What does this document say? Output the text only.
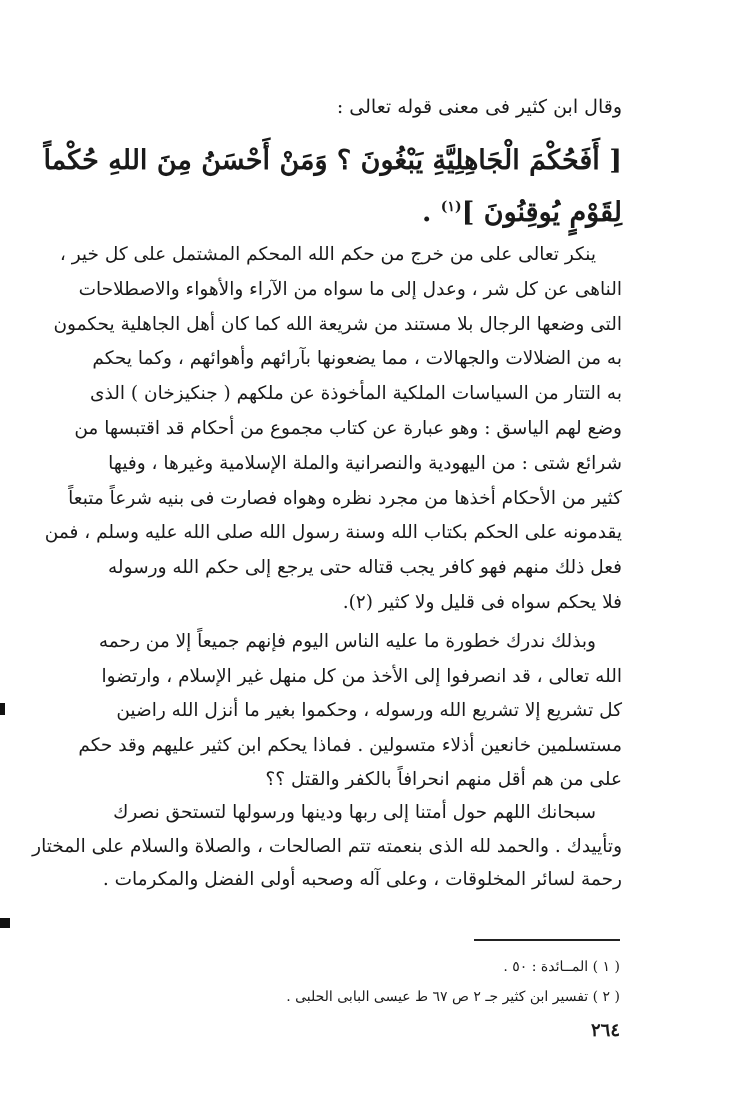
وقال ابن كثير فى معنى قوله تعالى :
[ أَفَحُكْمَ الْجَاهِلِيَّةِ يَبْغُونَ ؟ وَمَنْ أَحْسَنُ مِنَ اللهِ حُكْماً
لِقَوْمٍ يُوقِنُونَ ]$^{(١)}$ .
ينكر تعالى على من خرج من حكم الله المحكم المشتمل على كل خير ،
الناهى عن كل شر ، وعدل إلى ما سواه من الآراء والأهواء والاصطلاحات
التى وضعها الرجال بلا مستند من شريعة الله كما كان أهل الجاهلية يحكمون
به من الضلالات والجهالات ، مما يضعونها بآرائهم وأهوائهم ، وكما يحكم
به التتار من السياسات الملكية المأخوذة عن ملكهم ( جنكيزخان ) الذى
وضع لهم الياسق : وهو عبارة عن كتاب مجموع من أحكام قد اقتبسها من
شرائع شتى : من اليهودية والنصرانية والملة الإسلامية وغيرها ، وفيها
كثير من الأحكام أخذها من مجرد نظره وهواه فصارت فى بنيه شرعاً متبعاً
يقدمونه على الحكم بكتاب الله وسنة رسول الله صلى الله عليه وسلم ، فمن
فعل ذلك منهم فهو كافر يجب قتاله حتى يرجع إلى حكم الله ورسوله
فلا يحكم سواه فى قليل ولا كثير (٢).
وبذلك ندرك خطورة ما عليه الناس اليوم فإنهم جميعاً إلا من رحمه
الله تعالى ، قد انصرفوا إلى الأخذ من كل منهل غير الإسلام ، وارتضوا
كل تشريع إلا تشريع الله ورسوله ، وحكموا بغير ما أنزل الله راضين
مستسلمين خانعين أذلاء متسولين . فماذا يحكم ابن كثير عليهم وقد حكم
على من هم أقل منهم انحرافاً بالكفر والقتل ؟؟
سبحانك اللهم حول أمتنا إلى ربها ودينها ورسولها لتستحق نصرك
وتأييدك . والحمد لله الذى بنعمته تتم الصالحات ، والصلاة والسلام على المختار
رحمة لسائر المخلوقات ، وعلى آله وصحبه أولى الفضل والمكرمات .
( ١ ) المــائدة : ٥٠ .
( ٢ ) تفسير ابن كثير جـ ٢ ص ٦٧ ط عيسى البابى الحلبى .
٢٦٤
